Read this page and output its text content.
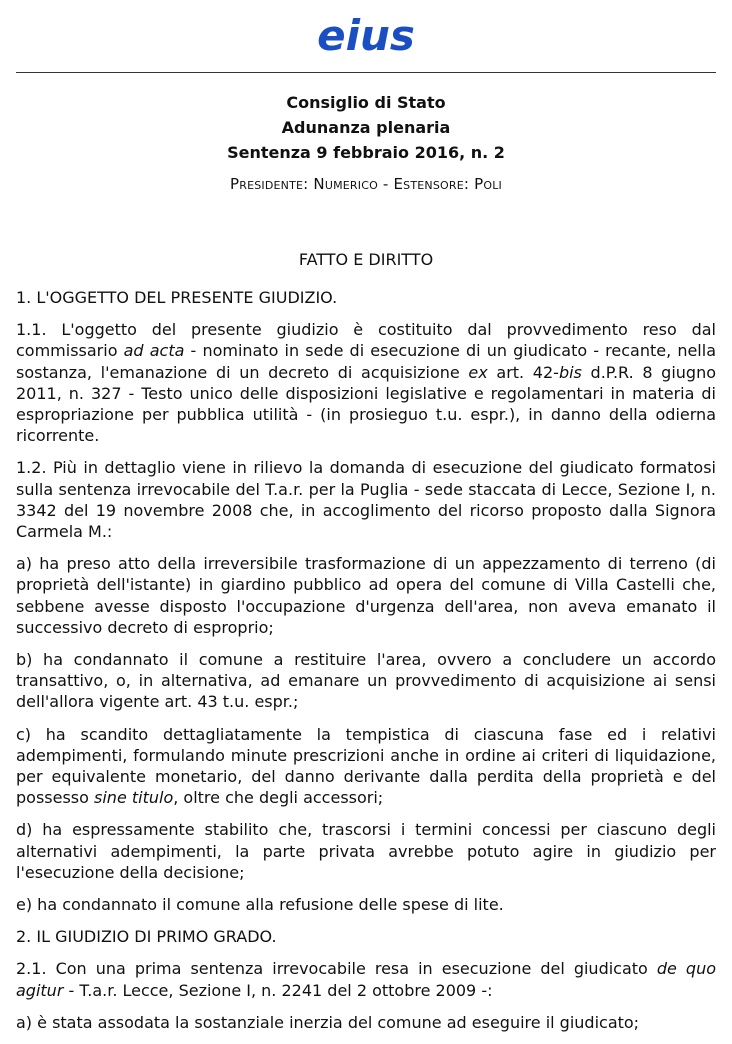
eius
Consiglio di Stato
Adunanza plenaria
Sentenza 9 febbraio 2016, n. 2
Presidente: Numerico - Estensore: Poli
FATTO E DIRITTO

1. L'OGGETTO DEL PRESENTE GIUDIZIO.

1.1. L'oggetto del presente giudizio è costituito dal provvedimento reso dal commissario ad acta - nominato in sede di esecuzione di un giudicato - recante, nella sostanza, l'emanazione di un decreto di acquisizione ex art. 42-bis d.P.R. 8 giugno 2011, n. 327 - Testo unico delle disposizioni legislative e regolamentari in materia di espropriazione per pubblica utilità - (in prosieguo t.u. espr.), in danno della odierna ricorrente.

1.2. Più in dettaglio viene in rilievo la domanda di esecuzione del giudicato formatosi sulla sentenza irrevocabile del T.a.r. per la Puglia - sede staccata di Lecce, Sezione I, n. 3342 del 19 novembre 2008 che, in accoglimento del ricorso proposto dalla Signora Carmela M.:

a) ha preso atto della irreversibile trasformazione di un appezzamento di terreno (di proprietà dell'istante) in giardino pubblico ad opera del comune di Villa Castelli che, sebbene avesse disposto l'occupazione d'urgenza dell'area, non aveva emanato il successivo decreto di esproprio;

b) ha condannato il comune a restituire l'area, ovvero a concludere un accordo transattivo, o, in alternativa, ad emanare un provvedimento di acquisizione ai sensi dell'allora vigente art. 43 t.u. espr.;

c) ha scandito dettagliatamente la tempistica di ciascuna fase ed i relativi adempimenti, formulando minute prescrizioni anche in ordine ai criteri di liquidazione, per equivalente monetario, del danno derivante dalla perdita della proprietà e del possesso sine titulo, oltre che degli accessori;

d) ha espressamente stabilito che, trascorsi i termini concessi per ciascuno degli alternativi adempimenti, la parte privata avrebbe potuto agire in giudizio per l'esecuzione della decisione;

e) ha condannato il comune alla refusione delle spese di lite.

2. IL GIUDIZIO DI PRIMO GRADO.

2.1. Con una prima sentenza irrevocabile resa in esecuzione del giudicato de quo agitur - T.a.r. Lecce, Sezione I, n. 2241 del 2 ottobre 2009 -:

a) è stata assodata la sostanziale inerzia del comune ad eseguire il giudicato;
